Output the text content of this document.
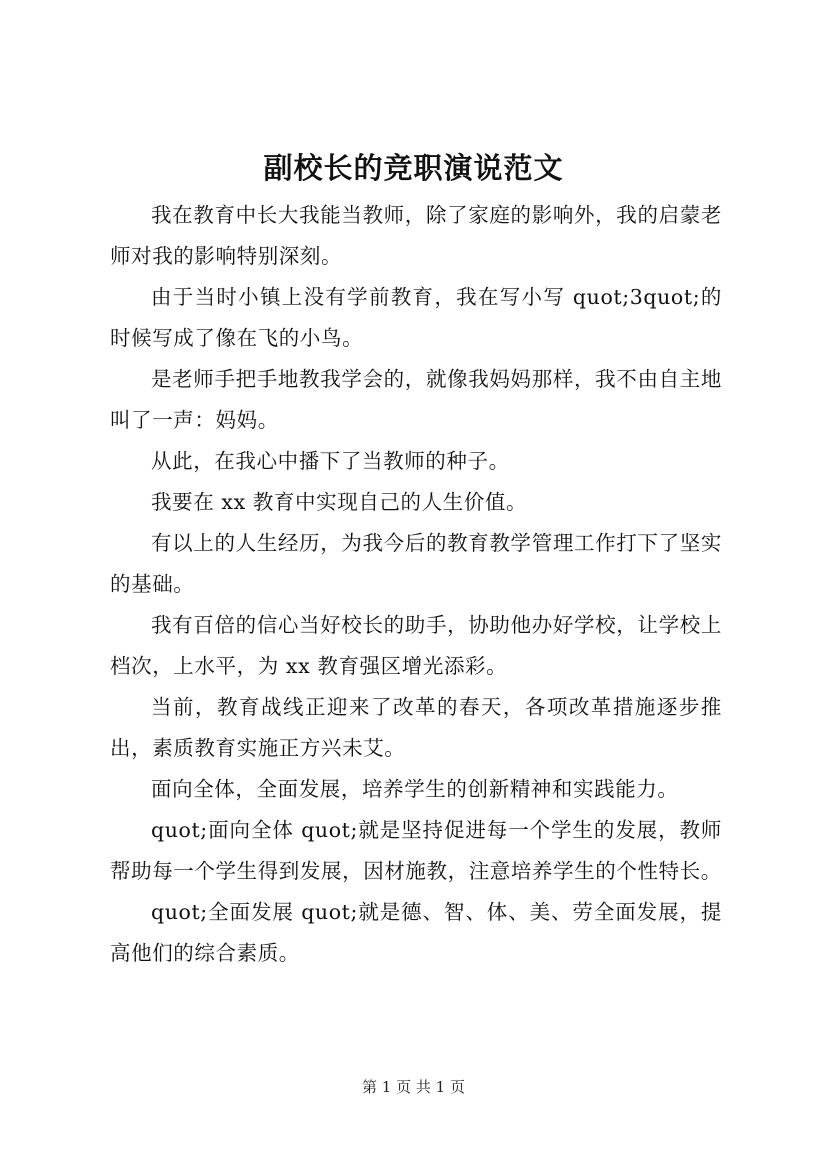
副校长的竞职演说范文

我在教育中长大我能当教师，除了家庭的影响外，我的启蒙老师对我的影响特别深刻。

由于当时小镇上没有学前教育，我在写小写 quot;3quot;的时候写成了像在飞的小鸟。

是老师手把手地教我学会的，就像我妈妈那样，我不由自主地叫了一声：妈妈。

从此，在我心中播下了当教师的种子。

我要在 xx 教育中实现自己的人生价值。

有以上的人生经历，为我今后的教育教学管理工作打下了坚实的基础。

我有百倍的信心当好校长的助手，协助他办好学校，让学校上档次，上水平，为 xx 教育强区增光添彩。

当前，教育战线正迎来了改革的春天，各项改革措施逐步推出，素质教育实施正方兴未艾。

面向全体，全面发展，培养学生的创新精神和实践能力。

quot;面向全体 quot;就是坚持促进每一个学生的发展，教师帮助每一个学生得到发展，因材施教，注意培养学生的个性特长。

quot;全面发展 quot;就是德、智、体、美、劳全面发展，提高他们的综合素质。

第 1 页 共 1 页
